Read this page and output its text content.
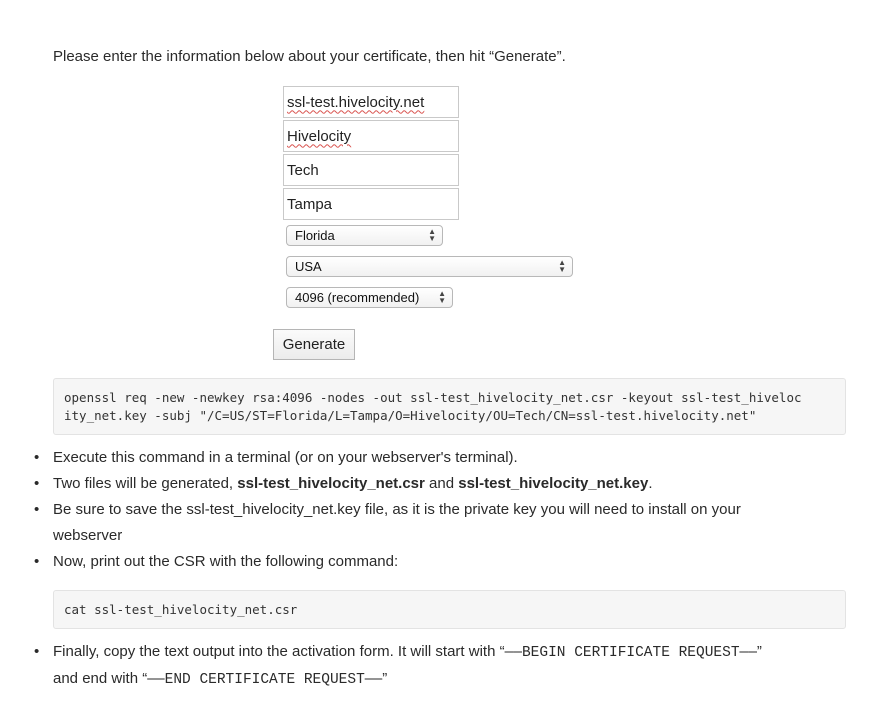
Please enter the information below about your certificate, then hit “Generate”.
ssl-test.hivelocity.net
Hivelocity
Tech
Tampa
Florida	▲
▼
USA	▲
▼
4096 (recommended) ▲
▼
Generate
openssl req -new -newkey rsa:4096 -nodes -out ssl-test_hivelocity_net.csr -keyout ssl-test_hiveloc
ity_net.key -subj "/C=US/ST=Florida/L=Tampa/O=Hivelocity/OU=Tech/CN=ssl-test.hivelocity.net"
• Execute this command in a terminal (or on your webserver's terminal).
• Two files will be generated, ssl-test_hivelocity_net.csr and ssl-test_hivelocity_net.key.
• Be sure to save the ssl-test_hivelocity_net.key file, as it is the private key you will need to install on your
webserver
• Now, print out the CSR with the following command:
cat ssl-test_hivelocity_net.csr
• Finally, copy the text output into the activation form. It will start with “——BEGIN CERTIFICATE REQUEST——”
and end with “——END CERTIFICATE REQUEST——”
